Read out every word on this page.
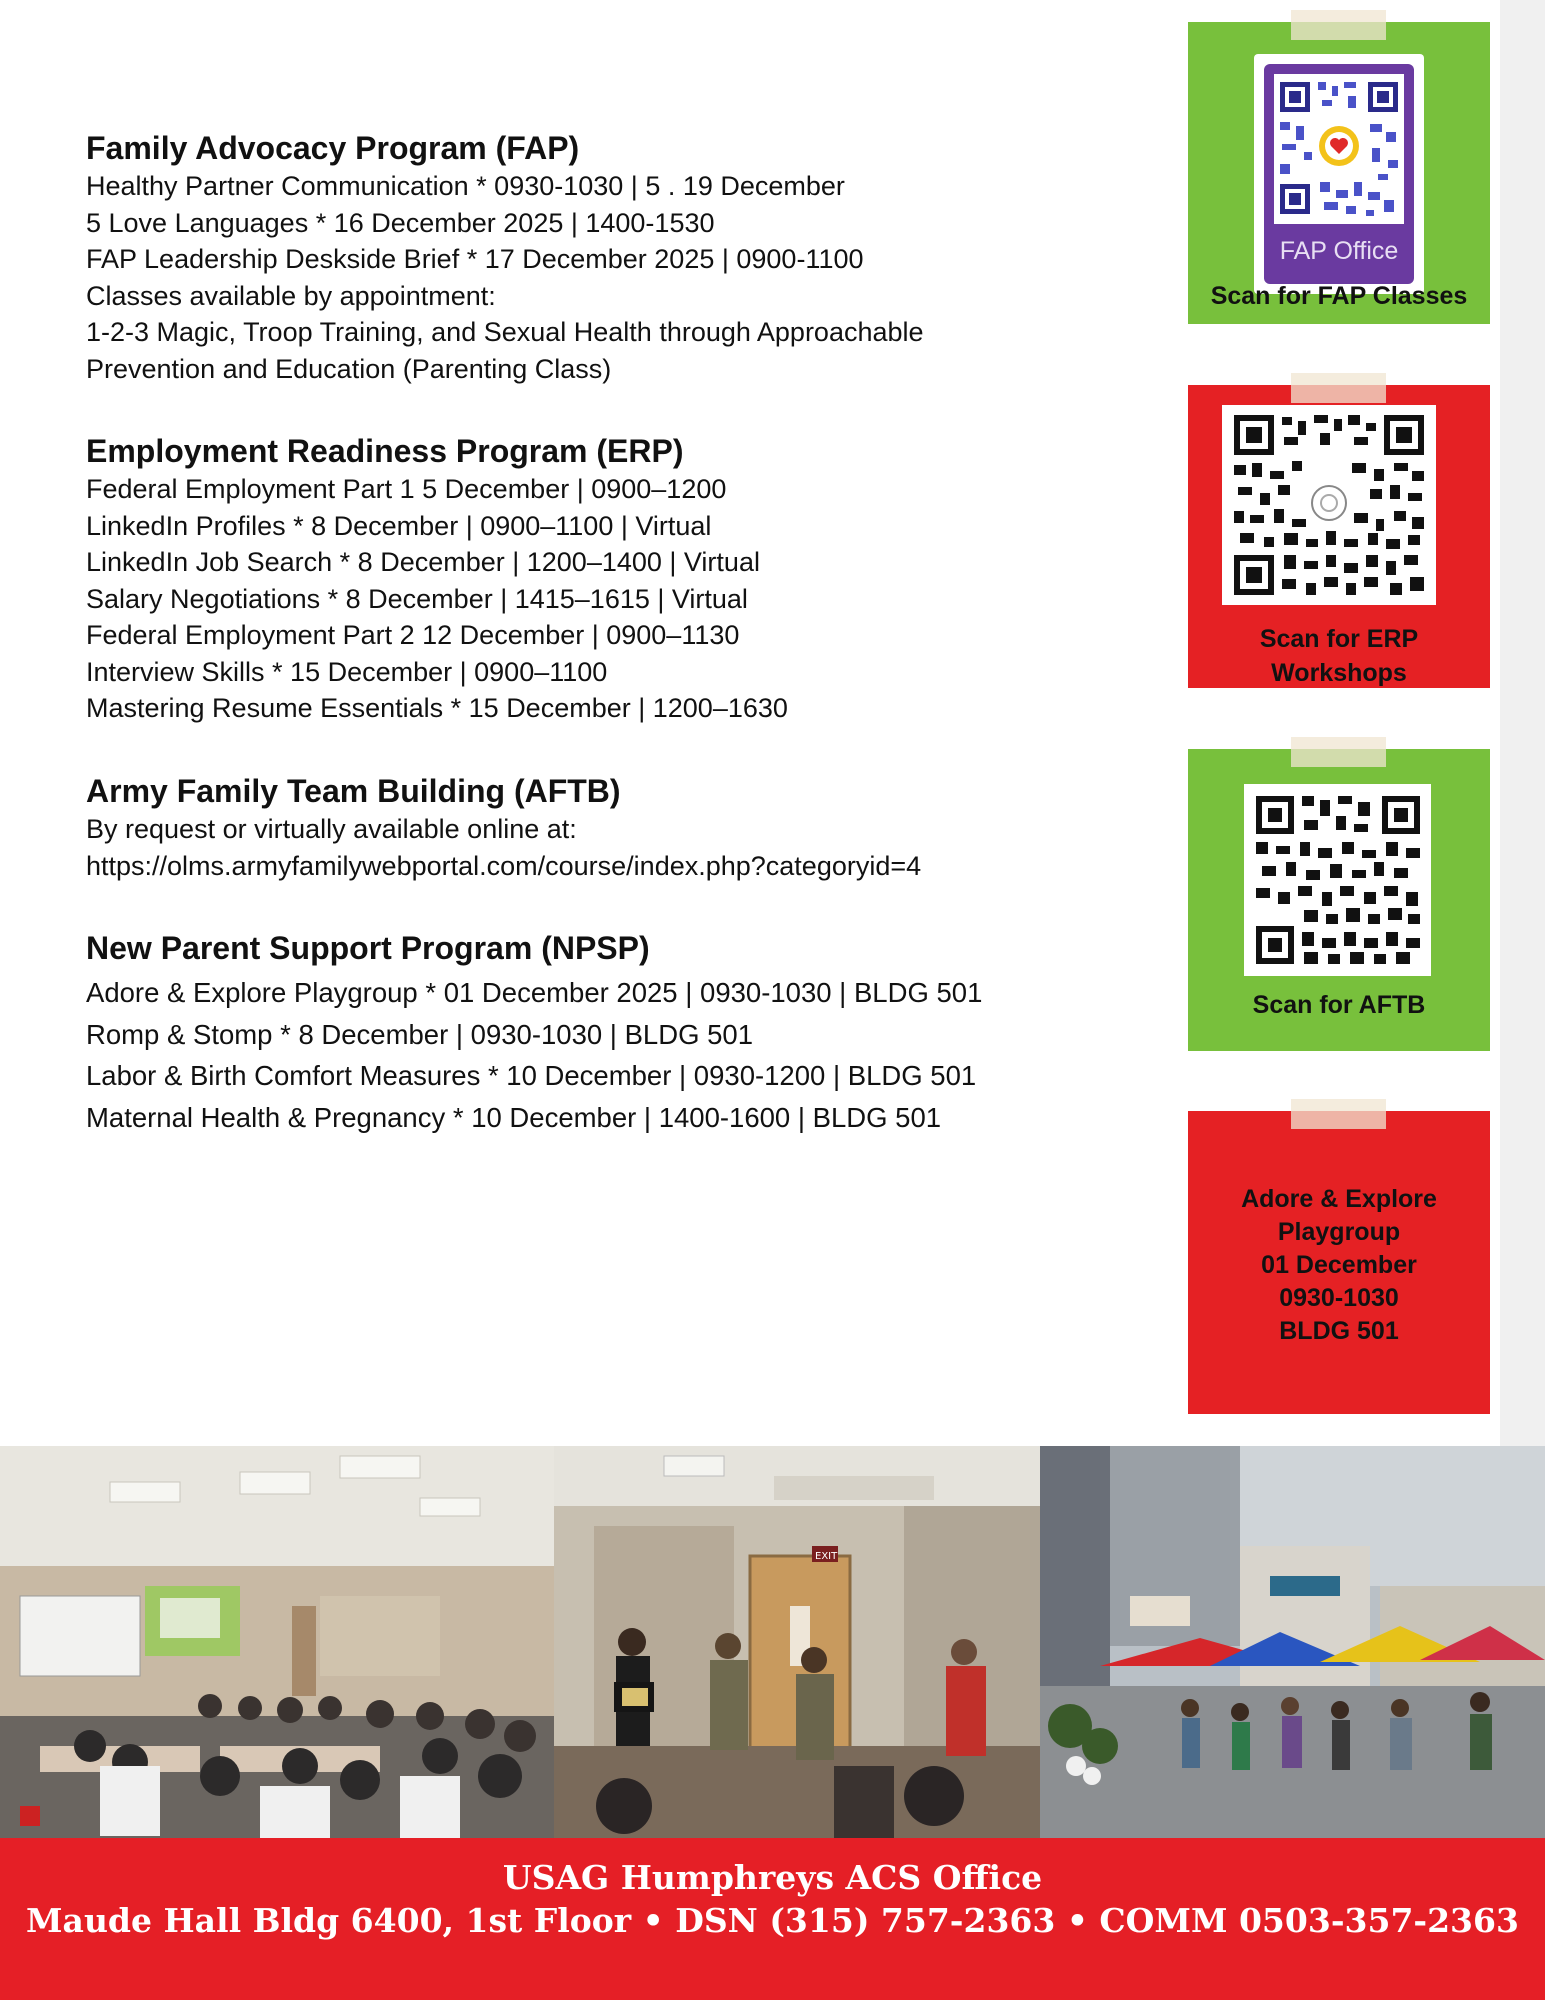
Family Advocacy Program (FAP)
Healthy Partner Communication * 0930-1030 | 5 . 19 December
5 Love Languages * 16 December 2025 | 1400-1530
FAP Leadership Deskside Brief * 17 December 2025 | 0900-1100
Classes available by appointment:
1-2-3 Magic, Troop Training, and Sexual Health through Approachable
Prevention and Education (Parenting Class)
Employment Readiness Program (ERP)
Federal Employment Part 1 5 December | 0900–1200
LinkedIn Profiles * 8 December | 0900–1100 | Virtual
LinkedIn Job Search * 8 December | 1200–1400 | Virtual
Salary Negotiations * 8 December | 1415–1615 | Virtual
Federal Employment Part 2 12 December | 0900–1130
Interview Skills * 15 December | 0900–1100
Mastering Resume Essentials * 15 December | 1200–1630
Army Family Team Building (AFTB)
By request or virtually available online at:
https://olms.armyfamilywebportal.com/course/index.php?categoryid=4
New Parent Support Program (NPSP)
Adore & Explore Playgroup * 01 December 2025 | 0930-1030 | BLDG 501
Romp & Stomp * 8 December | 0930-1030 | BLDG 501
Labor & Birth Comfort Measures * 10 December | 0930-1200 | BLDG 501
Maternal Health & Pregnancy * 10 December | 1400-1600 | BLDG 501
FAP Office
Scan for FAP Classes
Scan for ERP
Workshops
Scan for AFTB
Adore & Explore
Playgroup
01 December
0930-1030
BLDG 501
EXIT
USAG Humphreys ACS Office
Maude Hall Bldg 6400, 1st Floor • DSN (315) 757-2363 • COMM 0503-357-2363
